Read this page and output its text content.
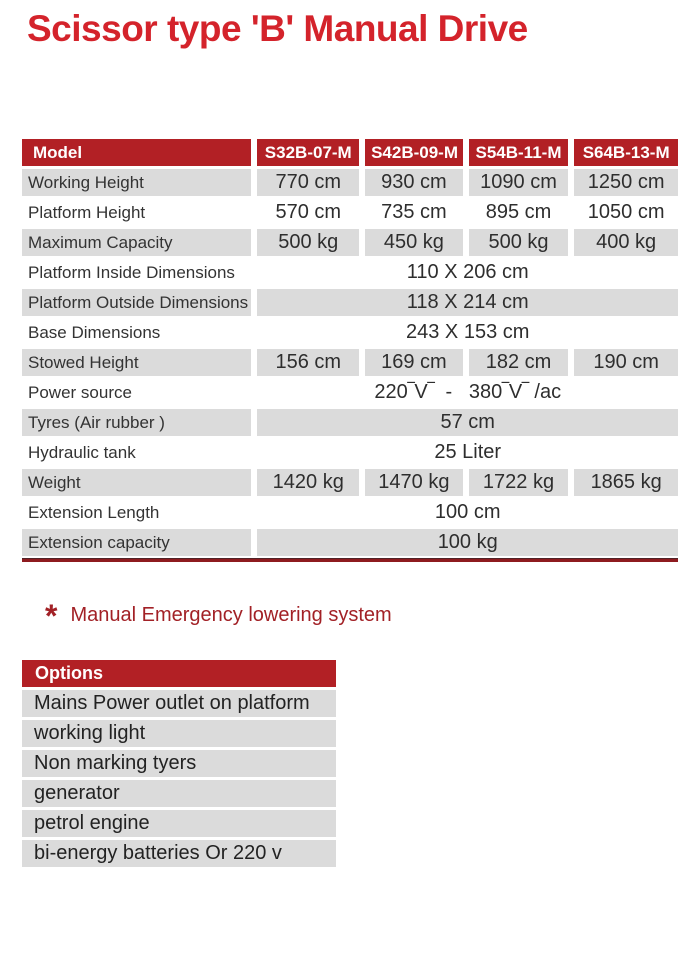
Scissor type 'B' Manual Drive
Model	S32B-07-M	S42B-09-M	S54B-11-M	S64B-13-M
Working Height	770 cm	930 cm	1090 cm	1250 cm
Platform Height	570 cm	735 cm	895 cm	1050 cm
Maximum Capacity	500 kg	450 kg	500 kg	400 kg
Platform Inside Dimensions	110 X 206 cm			
Platform Outside Dimensions	118 X 214 cm			
Base Dimensions	243 X 153 cm			
Stowed Height	156 cm	169 cm	182 cm	190 cm
Power source	220‾V‾  -   380‾V‾ /ac			
Tyres (Air rubber )	57 cm			
Hydraulic tank	25 Liter			
Weight	1420 kg	1470 kg	1722 kg	1865 kg
Extension Length	100 cm			
Extension capacity	100 kg			
* Manual Emergency lowering system
Options
Mains Power outlet on platform
working light
Non marking tyers
generator
petrol engine
bi-energy batteries Or 220 v
